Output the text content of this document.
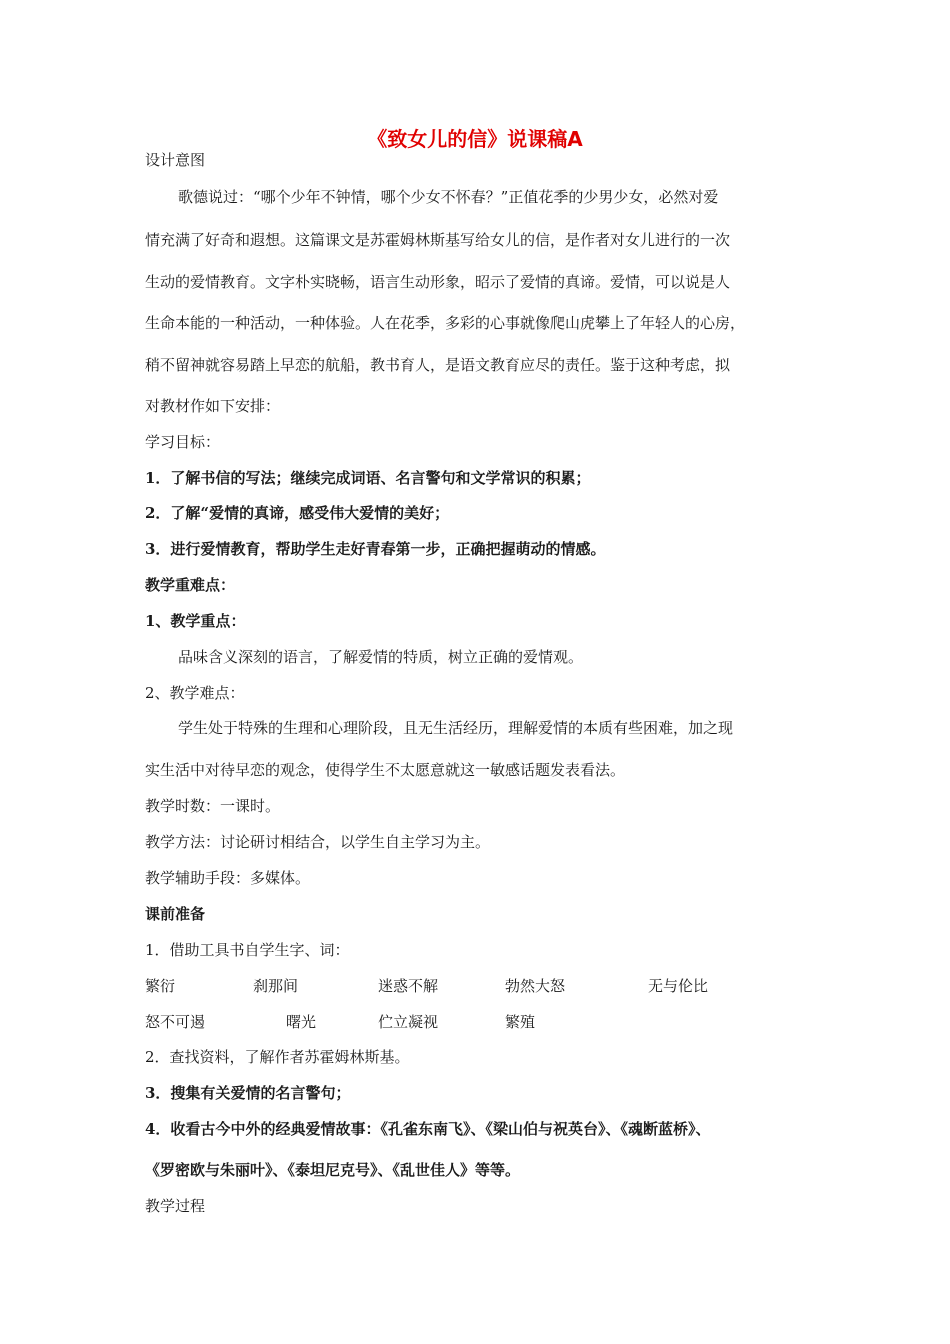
《致女儿的信》说课稿A
设计意图
歌德说过：“哪个少年不钟情，哪个少女不怀春？”正值花季的少男少女，必然对爱
情充满了好奇和遐想。这篇课文是苏霍姆林斯基写给女儿的信，是作者对女儿进行的一次
生动的爱情教育。文字朴实晓畅，语言生动形象，昭示了爱情的真谛。爱情，可以说是人
生命本能的一种活动，一种体验。人在花季，多彩的心事就像爬山虎攀上了年轻人的心房，
稍不留神就容易踏上早恋的航船，教书育人，是语文教育应尽的责任。鉴于这种考虑，拟
对教材作如下安排：
学习目标：
1．了解书信的写法；继续完成词语、名言警句和文学常识的积累；
2．了解“爱情的真谛，感受伟大爱情的美好；
3．进行爱情教育，帮助学生走好青春第一步，正确把握萌动的情感。
教学重难点：
1、教学重点：
品味含义深刻的语言，了解爱情的特质，树立正确的爱情观。
2、教学难点：
学生处于特殊的生理和心理阶段，且无生活经历，理解爱情的本质有些困难，加之现
实生活中对待早恋的观念，使得学生不太愿意就这一敏感话题发表看法。
教学时数：一课时。
教学方法：讨论研讨相结合，以学生自主学习为主。
教学辅助手段：多媒体。
课前准备
1．借助工具书自学生字、词：
繁衍	刹那间	迷惑不解	勃然大怒	无与伦比
怒不可遏	曙光	伫立凝视	繁殖
2．查找资料，了解作者苏霍姆林斯基。
3．搜集有关爱情的名言警句；
4．收看古今中外的经典爱情故事：《孔雀东南飞》、《梁山伯与祝英台》、《魂断蓝桥》、
《罗密欧与朱丽叶》、《泰坦尼克号》、《乱世佳人》等等。
教学过程
